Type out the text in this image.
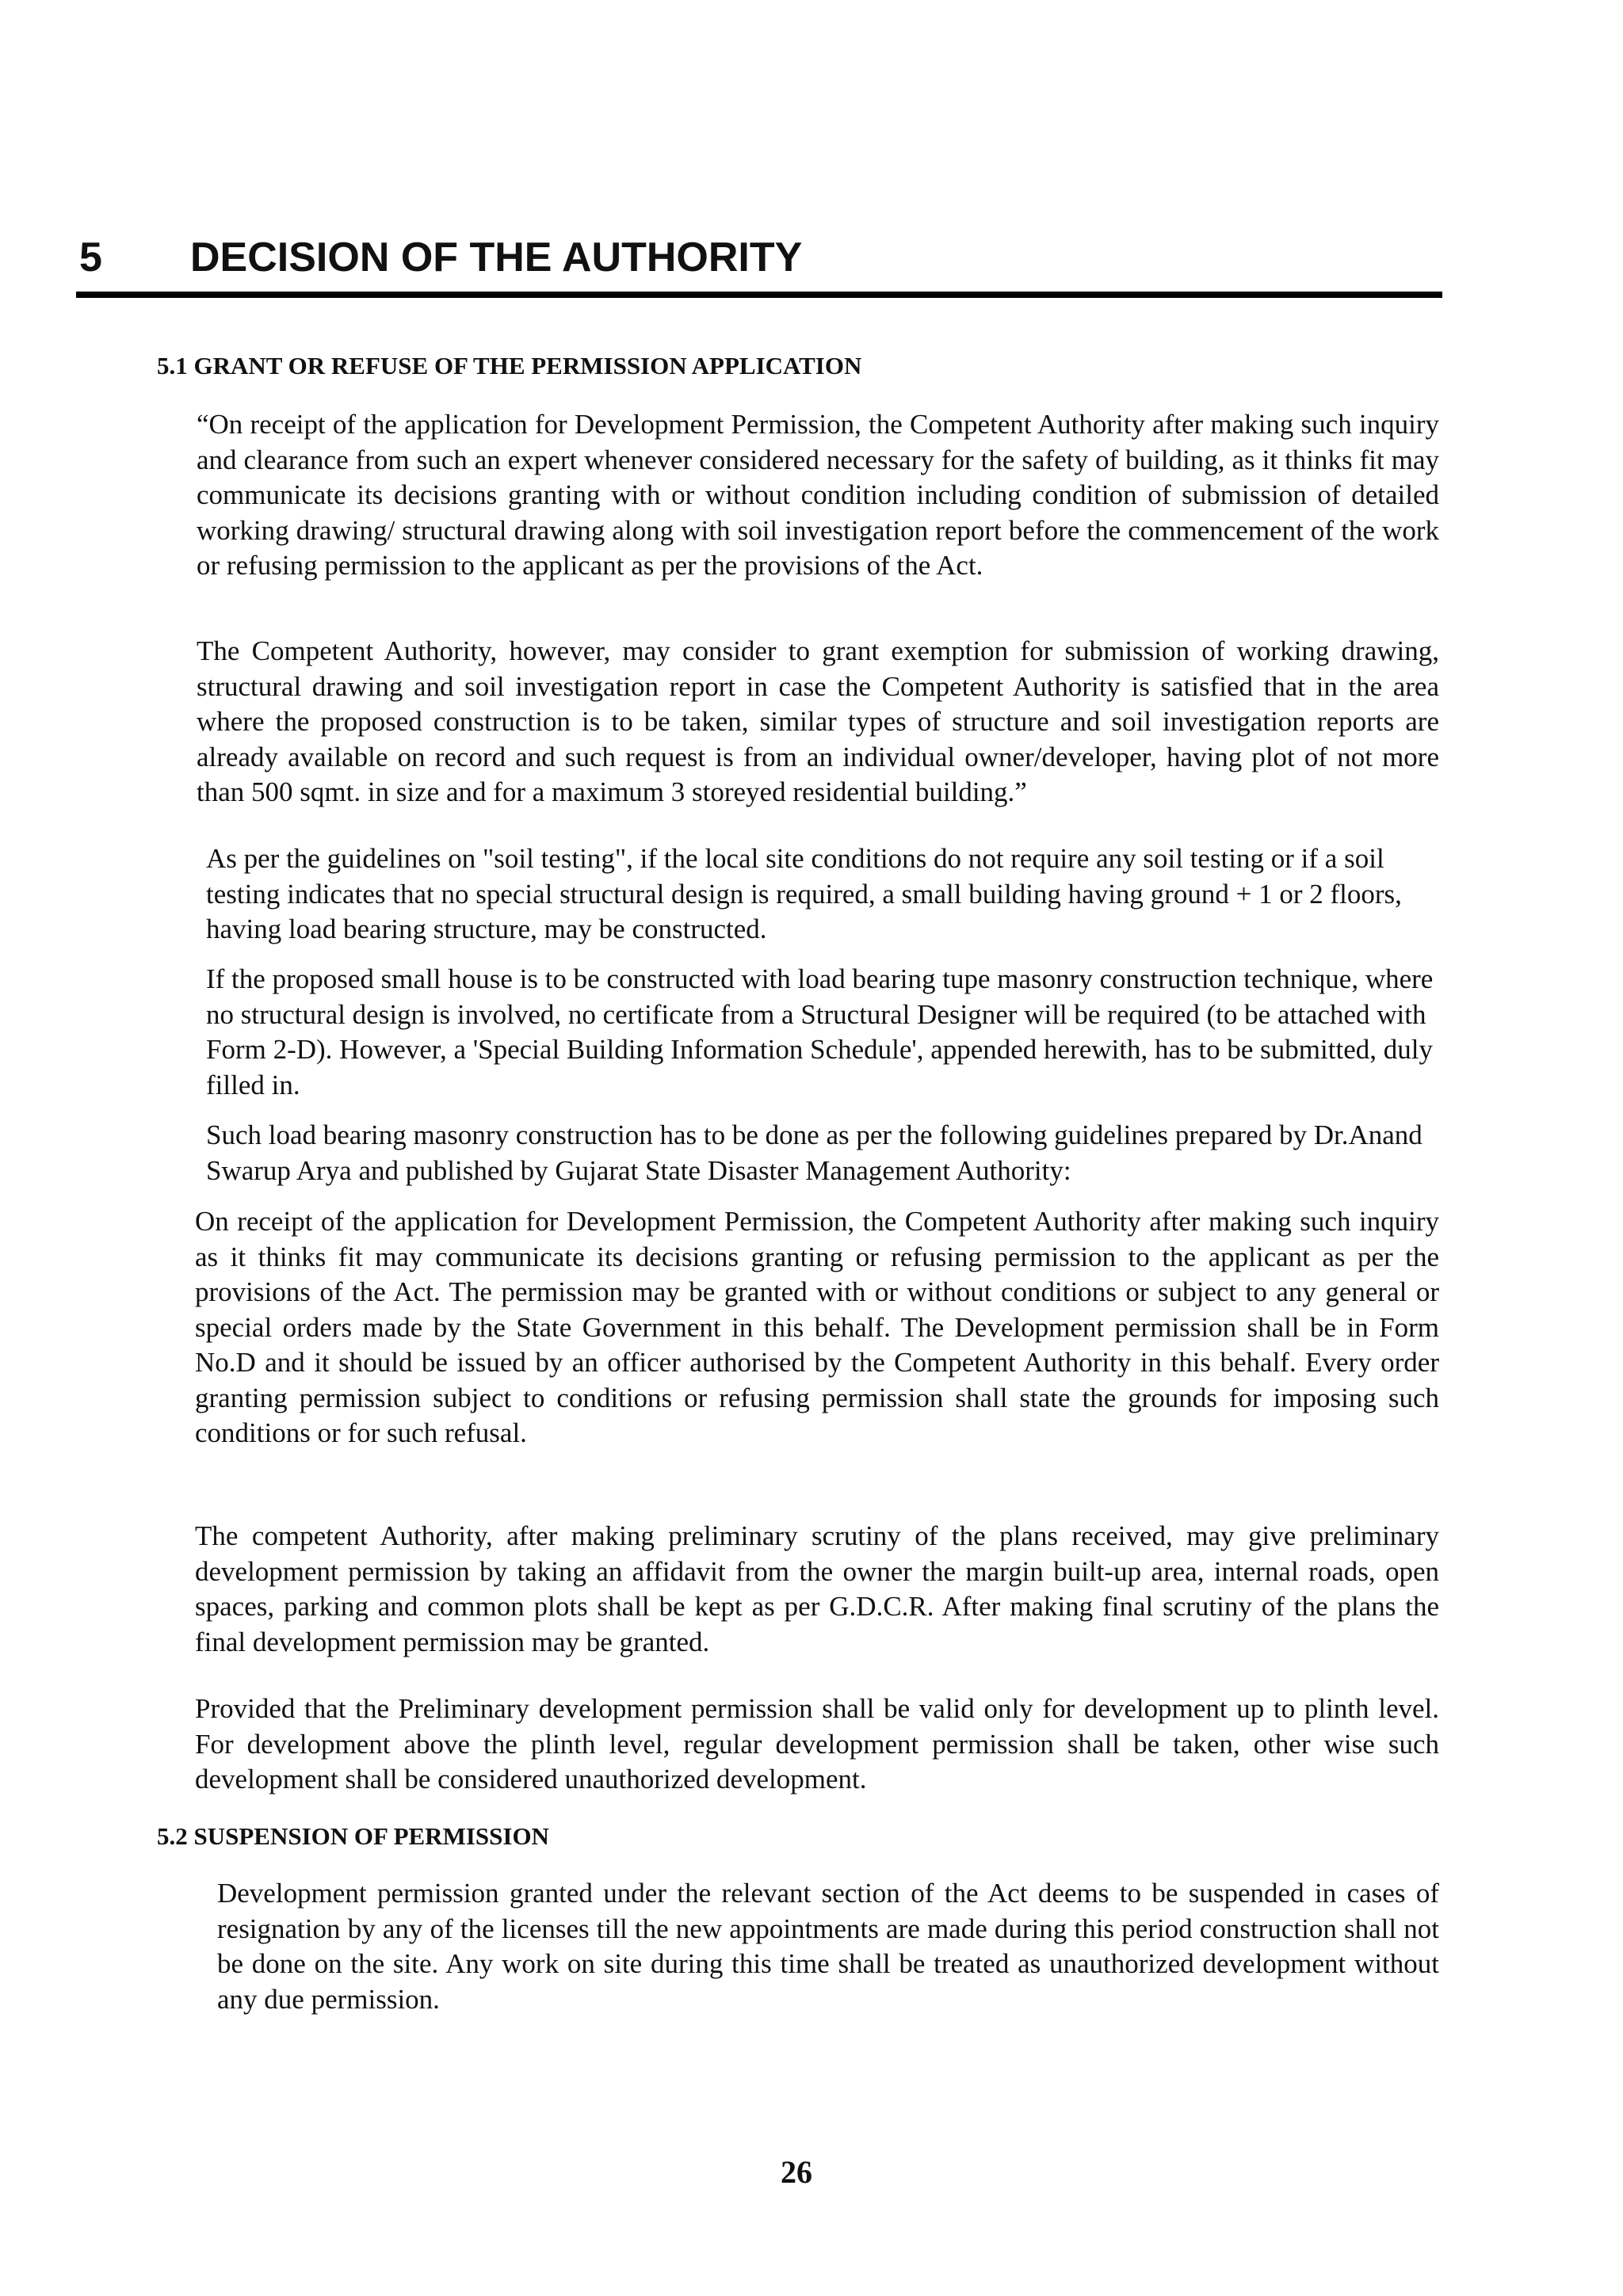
5 DECISION OF THE AUTHORITY
5.1 GRANT OR REFUSE OF THE PERMISSION APPLICATION

“On receipt of the application for Development Permission, the Competent Authority after making such inquiry and clearance from such an expert whenever considered necessary for the safety of building, as it thinks fit may communicate its decisions granting with or without condition including condition of submission of detailed working drawing/ structural drawing along with soil investigation report before the commencement of the work or refusing permission to the applicant as per the provisions of the Act.

The Competent Authority, however, may consider to grant exemption for submission of working drawing, structural drawing and soil investigation report in case the Competent Authority is satisfied that in the area where the proposed construction is to be taken, similar types of structure and soil investigation reports are already available on record and such request is from an individual owner/developer, having plot of not more than 500 sqmt. in size and for a maximum 3 storeyed residential building.”

As per the guidelines on "soil testing", if the local site conditions do not require any soil testing or if a soil testing indicates that no special structural design is required, a small building having ground + 1 or 2 floors, having load bearing structure, may be constructed.

If the proposed small house is to be constructed with load bearing tupe masonry construction technique, where no structural design is involved, no certificate from a Structural Designer will be required (to be attached with Form 2-D). However, a 'Special Building Information Schedule', appended herewith, has to be submitted, duly filled in.

Such load bearing masonry construction has to be done as per the following guidelines prepared by Dr.Anand Swarup Arya and published by Gujarat State Disaster Management Authority:

On receipt of the application for Development Permission, the Competent Authority after making such inquiry as it thinks fit may communicate its decisions granting or refusing permission to the applicant as per the provisions of the Act. The permission may be granted with or without conditions or subject to any general or special orders made by the State Government in this behalf. The Development permission shall be in Form No.D and it should be issued by an officer authorised by the Competent Authority in this behalf. Every order granting permission subject to conditions or refusing permission shall state the grounds for imposing such conditions or for such refusal.

The competent Authority, after making preliminary scrutiny of the plans received, may give preliminary development permission by taking an affidavit from the owner the margin built-up area, internal roads, open spaces, parking and common plots shall be kept as per G.D.C.R. After making final scrutiny of the plans the final development permission may be granted.

Provided that the Preliminary development permission shall be valid only for development up to plinth level. For development above the plinth level, regular development permission shall be taken, other wise such development shall be considered unauthorized development.

5.2 SUSPENSION OF PERMISSION

Development permission granted under the relevant section of the Act deems to be suspended in cases of resignation by any of the licenses till the new appointments are made during this period construction shall not be done on the site. Any work on site during this time shall be treated as unauthorized development without any due permission.

26
